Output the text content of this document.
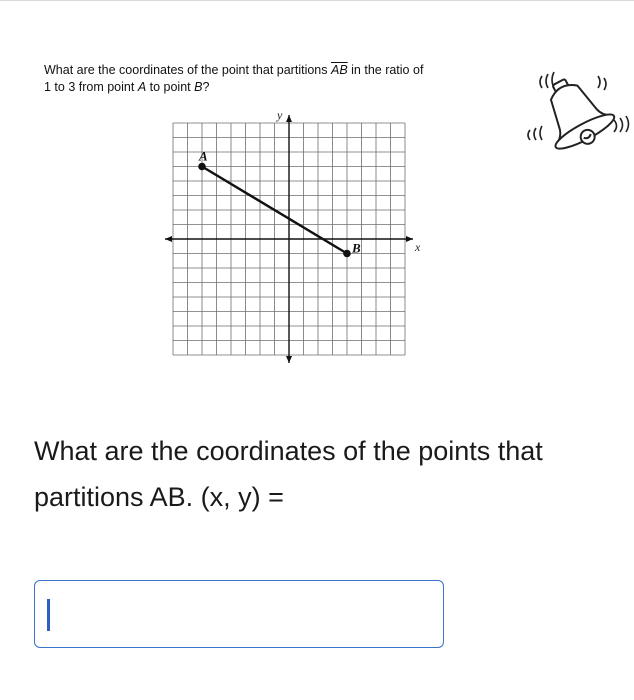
What are the coordinates of the point that partitions $\overline{AB}$ in the ratio of
1 to 3 from point A to point B?
y
x
A
B
What are the coordinates of the points that partitions AB. (x, y) =
